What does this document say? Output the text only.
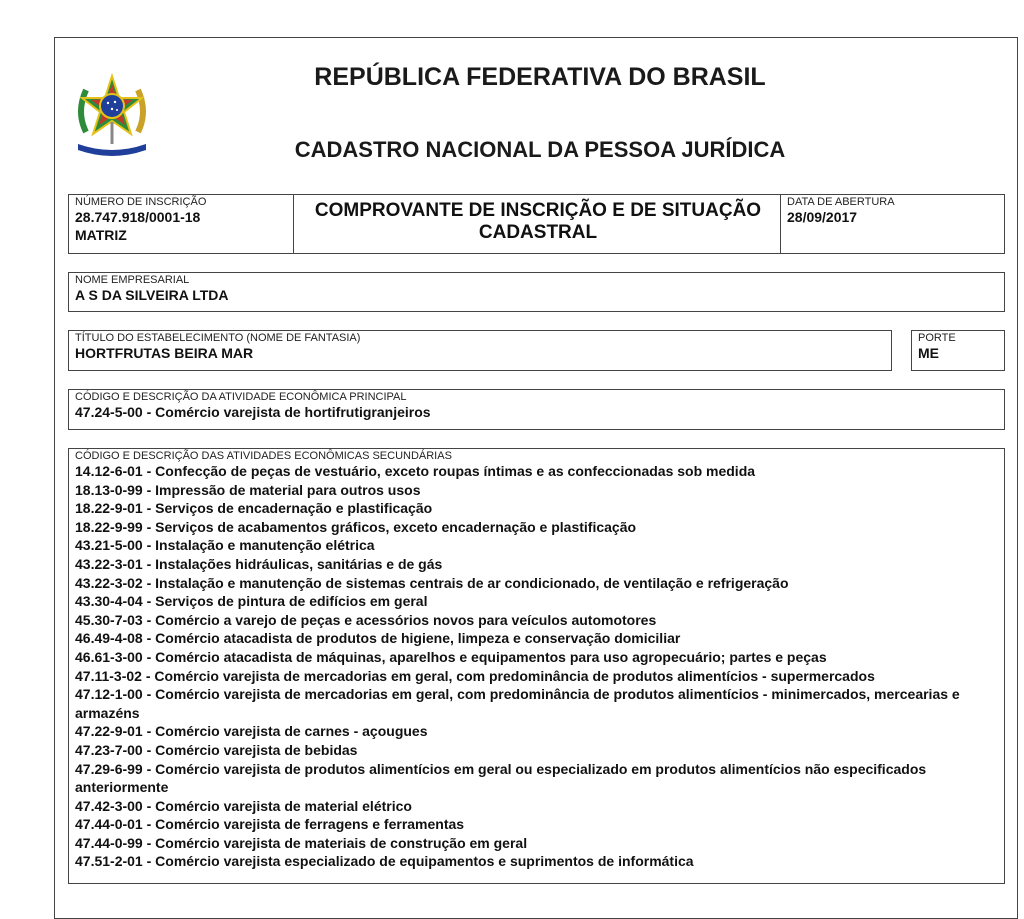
REPÚBLICA FEDERATIVA DO BRASIL
CADASTRO NACIONAL DA PESSOA JURÍDICA
NÚMERO DE INSCRIÇÃO
28.747.918/0001-18
MATRIZ
COMPROVANTE DE INSCRIÇÃO E DE SITUAÇÃO
CADASTRAL
DATA DE ABERTURA
28/09/2017
NOME EMPRESARIAL
A S DA SILVEIRA LTDA
TÍTULO DO ESTABELECIMENTO (NOME DE FANTASIA)
HORTFRUTAS BEIRA MAR
PORTE
ME
CÓDIGO E DESCRIÇÃO DA ATIVIDADE ECONÔMICA PRINCIPAL
47.24-5-00 - Comércio varejista de hortifrutigranjeiros
CÓDIGO E DESCRIÇÃO DAS ATIVIDADES ECONÔMICAS SECUNDÁRIAS
14.12-6-01 - Confecção de peças de vestuário, exceto roupas íntimas e as confeccionadas sob medida
18.13-0-99 - Impressão de material para outros usos
18.22-9-01 - Serviços de encadernação e plastificação
18.22-9-99 - Serviços de acabamentos gráficos, exceto encadernação e plastificação
43.21-5-00 - Instalação e manutenção elétrica
43.22-3-01 - Instalações hidráulicas, sanitárias e de gás
43.22-3-02 - Instalação e manutenção de sistemas centrais de ar condicionado, de ventilação e refrigeração
43.30-4-04 - Serviços de pintura de edifícios em geral
45.30-7-03 - Comércio a varejo de peças e acessórios novos para veículos automotores
46.49-4-08 - Comércio atacadista de produtos de higiene, limpeza e conservação domiciliar
46.61-3-00 - Comércio atacadista de máquinas, aparelhos e equipamentos para uso agropecuário; partes e peças
47.11-3-02 - Comércio varejista de mercadorias em geral, com predominância de produtos alimentícios - supermercados
47.12-1-00 - Comércio varejista de mercadorias em geral, com predominância de produtos alimentícios - minimercados, mercearias e armazéns
47.22-9-01 - Comércio varejista de carnes - açougues
47.23-7-00 - Comércio varejista de bebidas
47.29-6-99 - Comércio varejista de produtos alimentícios em geral ou especializado em produtos alimentícios não especificados anteriormente
47.42-3-00 - Comércio varejista de material elétrico
47.44-0-01 - Comércio varejista de ferragens e ferramentas
47.44-0-99 - Comércio varejista de materiais de construção em geral
47.51-2-01 - Comércio varejista especializado de equipamentos e suprimentos de informática
